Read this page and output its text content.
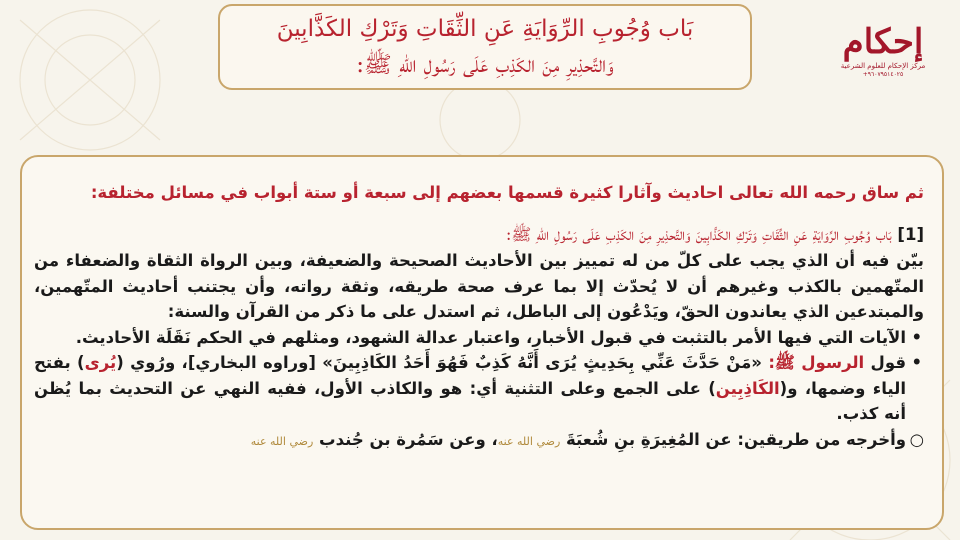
بَاب وُجُوبِ الرِّوَايَةِ عَنِ الثِّقَاتِ وَتَرْكِ الكَذَّابِينَ
وَالتَّحذِيرِ مِنَ الكَذِبِ عَلَى رَسُولِ اللهِ ﷺ:
إحكام
مركز الإحكام للعلوم الشرعية
+٩٦٠٧٩٥١٤٠٢٥
ثم ساق رحمه الله تعالى احاديث وآثارا كثيرة قسمها بعضهم إلى سبعة أو ستة أبواب في مسائل مختلفة:
[1] بَاب وُجُوبِ الرِّوَايَةِ عَنِ الثِّقَاتِ وَتَرْكِ الكَذَّابِينَ وَالتَّحذِيرِ مِنَ الكَذِبِ عَلَى رَسُولِ اللهِ ﷺ:
بيّن فيه أن الذي يجب على كلّ من له تمييز بين الأحاديث الصحيحة والضعيفة، وبين الرواة الثقاة والضعفاء من المتّهمين بالكذب وغيرهم أن لا يُحدّث إلا بما عرف صحة طريقه، وثقة رواته، وأن يجتنب أحاديث المتّهمين، والمبتدعين الذي يعاندون الحقّ، ويَدْعُون إلى الباطل، ثم استدل على ما ذكر من القرآن والسنة:
• الآيات التي فيها الأمر بالتثبت في قبول الأخبار، واعتبار عدالة الشهود، ومثلهم في الحكم نَقَلَة الأحاديث.
• قول الرسول ﷺ: «مَنْ حَدَّثَ عَنِّي بِحَدِيثٍ يُرَى أَنَّهُ كَذِبٌ فَهُوَ أَحَدُ الكَاذِبِينَ» [وراوه البخاري]، ورُوي (يُرى) بفتح الياء وضمها، و(الكَاذِبِين) على الجمع وعلى التثنية أي: هو والكاذب الأول، ففيه النهي عن التحديث بما يُظن أنه كذب.
○ وأخرجه من طريقين: عن المُغِيرَةِ بنِ شُعبَةَ رضي الله عنه، وعن سَمُرة بن جُندب رضي الله عنه
